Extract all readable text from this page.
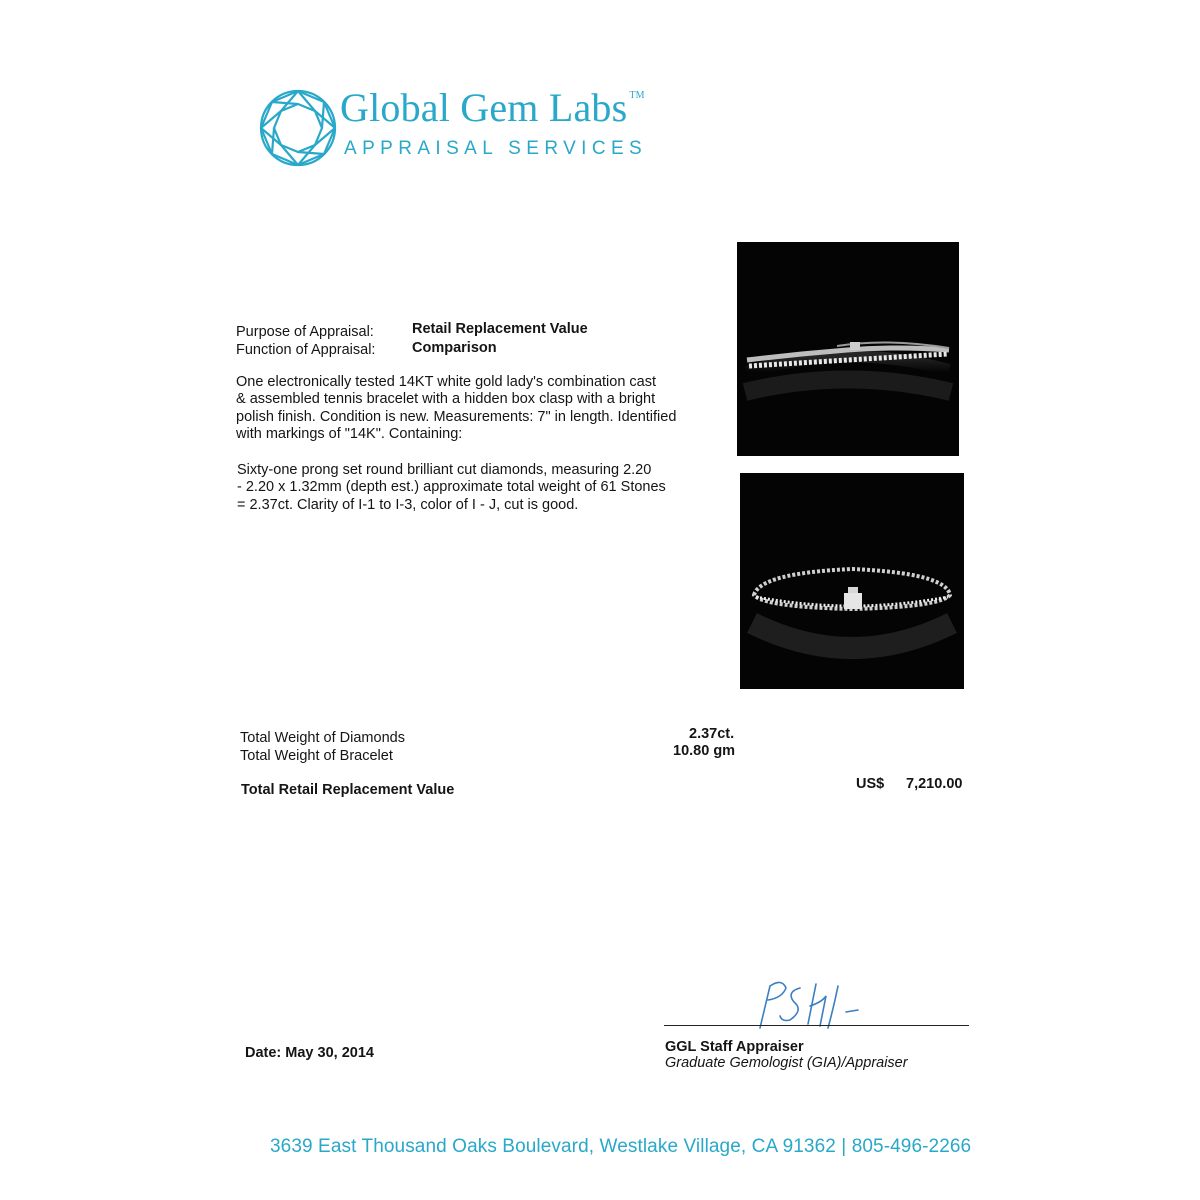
Global Gem Labs ™
APPRAISAL SERVICES
Purpose of Appraisal:	Retail Replacement Value
Function of Appraisal:	Comparison
One electronically tested 14KT white gold lady's combination cast
& assembled tennis bracelet with a hidden box clasp with a bright
polish finish. Condition is new. Measurements: 7" in length. Identified
with markings of "14K". Containing:
Sixty-one prong set round brilliant cut diamonds, measuring 2.20
- 2.20 x 1.32mm (depth est.) approximate total weight of 61 Stones
= 2.37ct. Clarity of I-1 to I-3, color of I - J, cut is good.
Total Weight of Diamonds	2.37ct.
Total Weight of Bracelet	10.80 gm
Total Retail Replacement Value	US$ 7,210.00
Date: May 30, 2014	GGL Staff Appraiser
Graduate Gemologist (GIA)/Appraiser
3639 East Thousand Oaks Boulevard, Westlake Village, CA 91362 | 805-496-2266
